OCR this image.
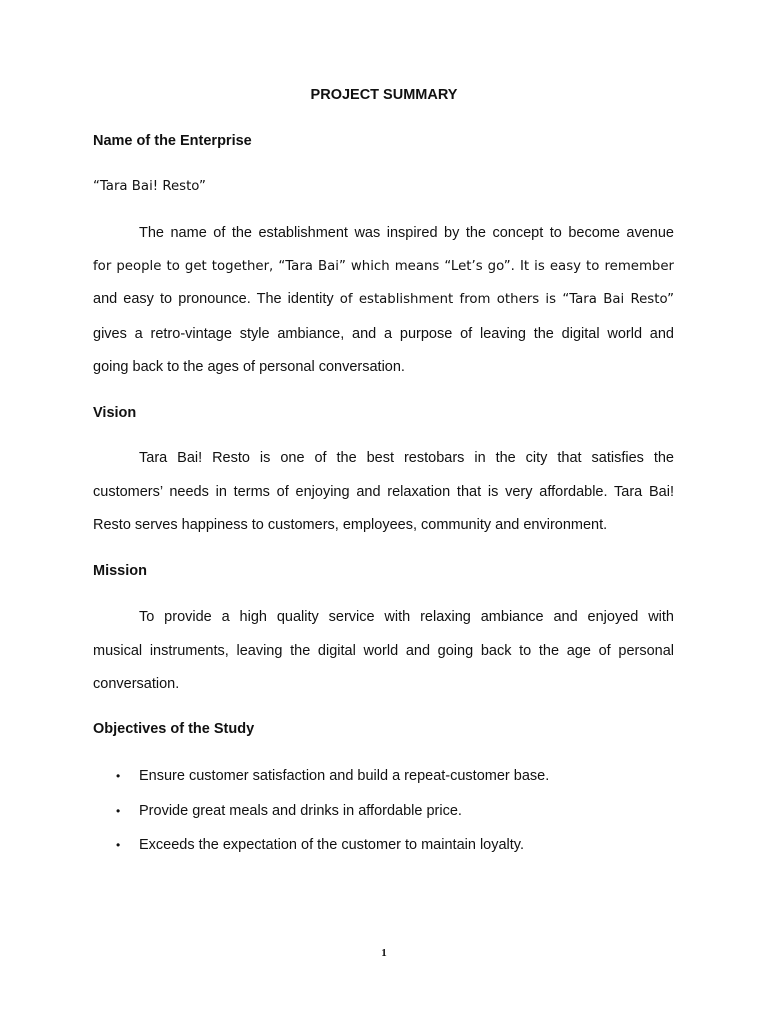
PROJECT SUMMARY
Name of the Enterprise
“Tara Bai! Resto”
The name of the establishment was inspired by the concept to become avenue
for people to get together, “Tara Bai” which means “Let’s go”. It is easy to remember
and easy to pronounce. The identity of establishment from others is “Tara Bai Resto”
gives a retro-vintage style ambiance, and a purpose of leaving the digital world and
going back to the ages of personal conversation.
Vision
Tara Bai! Resto is one of the best restobars in the city that satisfies the
customers’ needs in terms of enjoying and relaxation that is very affordable. Tara Bai!
Resto serves happiness to customers, employees, community and environment.
Mission
To provide a high quality service with relaxing ambiance and enjoyed with
musical instruments, leaving the digital world and going back to the age of personal
conversation.
Objectives of the Study
• Ensure customer satisfaction and build a repeat-customer base.
• Provide great meals and drinks in affordable price.
• Exceeds the expectation of the customer to maintain loyalty.
1
